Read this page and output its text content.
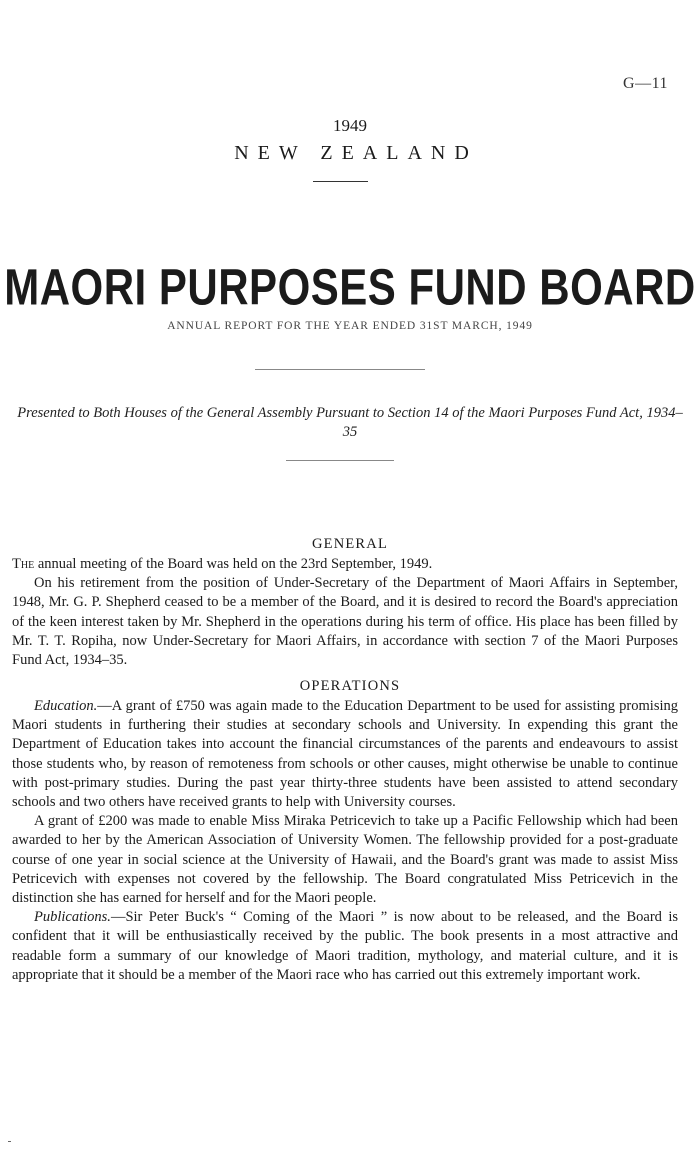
G—11
1949
NEW ZEALAND
MAORI PURPOSES FUND BOARD
ANNUAL REPORT FOR THE YEAR ENDED 31ST MARCH, 1949
Presented to Both Houses of the General Assembly Pursuant to Section 14 of the Maori Purposes Fund Act, 1934–35
GENERAL

The annual meeting of the Board was held on the 23rd September, 1949.

On his retirement from the position of Under-Secretary of the Department of Maori Affairs in September, 1948, Mr. G. P. Shepherd ceased to be a member of the Board, and it is desired to record the Board's appreciation of the keen interest taken by Mr. Shepherd in the operations during his term of office. His place has been filled by Mr. T. T. Ropiha, now Under-Secretary for Maori Affairs, in accordance with section 7 of the Maori Purposes Fund Act, 1934–35.

OPERATIONS

Education.—A grant of £750 was again made to the Education Department to be used for assisting promising Maori students in furthering their studies at secondary schools and University. In expending this grant the Department of Education takes into account the financial circumstances of the parents and endeavours to assist those students who, by reason of remoteness from schools or other causes, might otherwise be unable to continue with post-primary studies. During the past year thirty-three students have been assisted to attend secondary schools and two others have received grants to help with University courses.

A grant of £200 was made to enable Miss Miraka Petricevich to take up a Pacific Fellowship which had been awarded to her by the American Association of University Women. The fellowship provided for a post-graduate course of one year in social science at the University of Hawaii, and the Board's grant was made to assist Miss Petricevich with expenses not covered by the fellowship. The Board congratulated Miss Petricevich in the distinction she has earned for herself and for the Maori people.

Publications.—Sir Peter Buck's “ Coming of the Maori ” is now about to be released, and the Board is confident that it will be enthusiastically received by the public. The book presents in a most attractive and readable form a summary of our knowledge of Maori tradition, mythology, and material culture, and it is appropriate that it should be a member of the Maori race who has carried out this extremely important work.
